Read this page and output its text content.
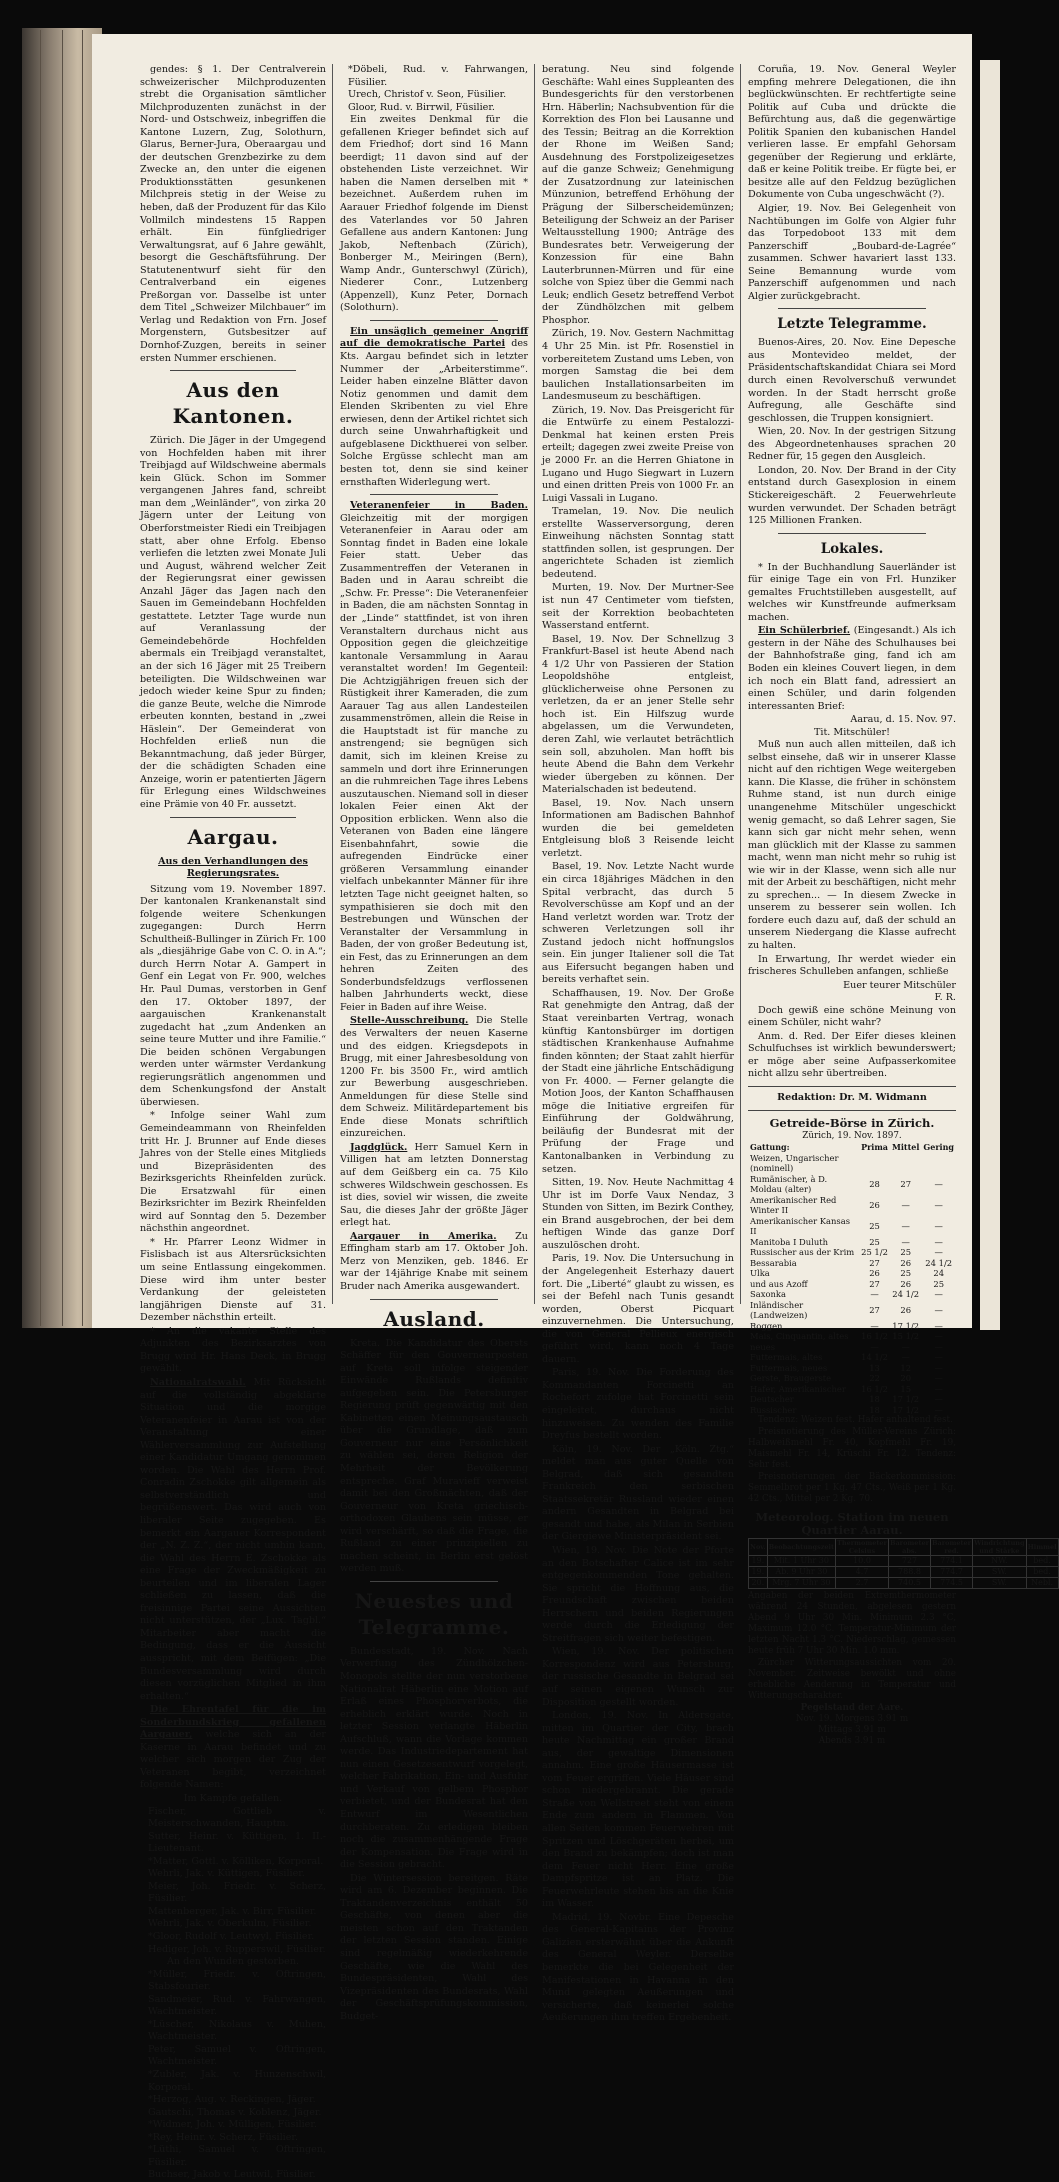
gendes: § 1. Der Centralverein schweizerischer Milchproduzenten strebt die Organisation sämtlicher Milchproduzenten zunächst in der Nord- und Ostschweiz, inbegriffen die Kantone Luzern, Zug, Solothurn, Glarus, Berner-Jura, Oberaargau und der deutschen Grenzbezirke zu dem Zwecke an, den unter die eigenen Produktionsstätten gesunkenen Milchpreis stetig in der Weise zu heben, daß der Produzent für das Kilo Vollmilch mindestens 15 Rappen erhält. Ein fünfgliedriger Verwaltungsrat, auf 6 Jahre gewählt, besorgt die Geschäftsführung. Der Statutenentwurf sieht für den Centralverband ein eigenes Preßorgan vor. Dasselbe ist unter dem Titel „Schweizer Milchbauer“ im Verlag und Redaktion von Frn. Josef Morgenstern, Gutsbesitzer auf Dornhof-Zuzgen, bereits in seiner ersten Nummer erschienen.

Aus den Kantonen.

Zürich. Die Jäger in der Umgegend von Hochfelden haben mit ihrer Treibjagd auf Wildschweine abermals kein Glück. Schon im Sommer vergangenen Jahres fand, schreibt man dem „Weinländer“, von zirka 20 Jägern unter der Leitung von Oberforstmeister Riedi ein Treibjagen statt, aber ohne Erfolg. Ebenso verliefen die letzten zwei Monate Juli und August, während welcher Zeit der Regierungsrat einer gewissen Anzahl Jäger das Jagen nach den Sauen im Gemeindebann Hochfelden gestattete. Letzter Tage wurde nun auf Veranlassung der Gemeindebehörde Hochfelden abermals ein Treibjagd veranstaltet, an der sich 16 Jäger mit 25 Treibern beteiligten. Die Wildschweinen war jedoch wieder keine Spur zu finden; die ganze Beute, welche die Nimrode erbeuten konnten, bestand in „zwei Häslein“. Der Gemeinderat von Hochfelden erließ nun die Bekanntmachung, daß jeder Bürger, der die schädigten Schaden eine Anzeige, worin er patentierten Jägern für Erlegung eines Wildschweines eine Prämie von 40 Fr. aussetzt.

Aargau.
Aus den Verhandlungen des Regierungsrates.

Sitzung vom 19. November 1897. Der kantonalen Krankenanstalt sind folgende weitere Schenkungen zugegangen: Durch Herrn Schultheiß-Bullinger in Zürich Fr. 100 als „diesjährige Gabe von C. O. in A.“; durch Herrn Notar A. Gampert in Genf ein Legat von Fr. 900, welches Hr. Paul Dumas, verstorben in Genf den 17. Oktober 1897, der aargauischen Krankenanstalt zugedacht hat „zum Andenken an seine teure Mutter und ihre Familie.“ Die beiden schönen Vergabungen werden unter wärmster Verdankung regierungsrätlich angenommen und dem Schenkungsfond der Anstalt überwiesen.

* Infolge seiner Wahl zum Gemeindeammann von Rheinfelden tritt Hr. J. Brunner auf Ende dieses Jahres von der Stelle eines Mitglieds und Bizepräsidenten des Bezirksgerichts Rheinfelden zurück. Die Ersatzwahl für einen Bezirksrichter im Bezirk Rheinfelden wird auf Sonntag den 5. Dezember nächsthin angeordnet.

* Hr. Pfarrer Leonz Widmer in Fislisbach ist aus Altersrücksichten um seine Entlassung eingekommen. Diese wird ihm unter bester Verdankung der geleisteten langjährigen Dienste auf 31. Dezember nächsthin erteilt.

* An die vakante Stelle des Adjunkten des Bezirksarztes von Brugg wird Hr. Hans Deck, in Brugg gewählt.

Nationalratswahl. Mit Rücksicht auf die vollständig abgeklärte Situation und die morgige Veteranenfeier in Aarau ist von der Veranstaltung einer Wählerversammlung zur Aufstellung einer Kandidatur Umgang genommen worden. Die Wahl des Herrn Prof. Conradin Zschokke gilt allgemein als selbstverständlich und begrüßenswert. Das wird auch von liberaler Seite zugegeben. Es bemerkt ein Aargauer Korrespondent der „N. Z. Z.“, der nicht umhin kann, die Wahl des Herrn E. Zschokke als eine Frage der Zweckmäßigkeit zu beurteilen und im liberalen Lager schließen zu lassen, daß die freisinnige Partei seine Aussichten nicht unterstützen, der „Lux. Tagbl.“ Mitarbeiter aber macht die Bedingung, dass er die Aussicht ausspricht, mit dem Beifügen: „Die Bundesversammlung wird durch diesen vorzüglichen Mitglied in ihm erhalten.“

Die Ehrentafel für die im Sonderbundskrieg gefallenen Aargauer, welche sich an der Kaserne in Aarau befindet und zu welcher sich morgen der Zug der Veteranen begibt, verzeichnet folgende Namen:

Im Kampfe gefallen.
Fischer, Gottlieb v. Meisterschwanden, Hauptm.
Sutter, Heinr. v. Küttigen, 1. II.-Lieutenant.
*Matter, Gottl. v. Kölliken, Korporal.
Wehrli, Jak. v. Küttigen, Füsilier.
Meier, Joh. Friedr. v. Scherz, Füsilier.
Mattenberger, Jak. v. Birr, Füsilier.
Wehrli, Jak. v. Oberkulm, Füsilier.
*Gloor, Rudolf v. Leutwyl, Füsilier.
Hediger, Joh. v. Rupperswil, Füsilier.
An den Wunden gestorben.
*Müller, Friedr. v. Oftringen, Stabsfourier.
Sandmeier, Rud. v. Fahrwangen, Wachtmeister.
*Lüscher, Nikolaus v. Muhen, Wachtmeister.
Peter, Samuel v. Oftringen, Wachtmeister.
*Zubler, Jak. v. Hunzenschwil, Korporal.
*Herzog, Aug. v. Reckingen, Jäger.
Gautschi, Thomas v. Koblenz, Jäger.
*Widmer, Joh. v. Mülligen, Füsilier.
*Rey, Heinr. v. Scherz, Füsilier.
*Lüthi, Samuel v. Oftringen, Füsilier.
Buchser, Jakob v. Leutwil, Füsilier.
*Döbeli, Rud. v. Fahrwangen, Füsilier.
Urech, Christof v. Seon, Füsilier.
Gloor, Rud. v. Birrwil, Füsilier.

Ein zweites Denkmal für die gefallenen Krieger befindet sich auf dem Friedhof; dort sind 16 Mann beerdigt; 11 davon sind auf der obstehenden Liste verzeichnet. Wir haben die Namen derselben mit * bezeichnet. Außerdem ruhen im Aarauer Friedhof folgende im Dienst des Vaterlandes vor 50 Jahren Gefallene aus andern Kantonen: Jung Jakob, Neftenbach (Zürich), Bonberger M., Meiringen (Bern), Wamp Andr., Gunterschwyl (Zürich), Niederer Conr., Lutzenberg (Appenzell), Kunz Peter, Dornach (Solothurn).

Ein unsäglich gemeiner Angriff auf die demokratische Partei des Kts. Aargau befindet sich in letzter Nummer der „Arbeiterstimme“. Leider haben einzelne Blätter davon Notiz genommen und damit dem Elenden Skribenten zu viel Ehre erwiesen, denn der Artikel richtet sich durch seine Unwahrhaftigkeit und aufgeblasene Dickthuerei von selber. Solche Ergüsse schlecht man am besten tot, denn sie sind keiner ernsthaften Widerlegung wert.

Veteranenfeier in Baden. Gleichzeitig mit der morgigen Veteranenfeier in Aarau oder am Sonntag findet in Baden eine lokale Feier statt. Ueber das Zusammentreffen der Veteranen in Baden und in Aarau schreibt die „Schw. Fr. Presse“: Die Veteranenfeier in Baden, die am nächsten Sonntag in der „Linde“ stattfindet, ist von ihren Veranstaltern durchaus nicht aus Opposition gegen die gleichzeitige kantonale Versammlung in Aarau veranstaltet worden! Im Gegenteil: Die Achtzigjährigen freuen sich der Rüstigkeit ihrer Kameraden, die zum Aarauer Tag aus allen Landesteilen zusammenströmen, allein die Reise in die Hauptstadt ist für manche zu anstrengend; sie begnügen sich damit, sich im kleinen Kreise zu sammeln und dort ihre Erinnerungen an die ruhmreichen Tage ihres Lebens auszutauschen. Niemand soll in dieser lokalen Feier einen Akt der Opposition erblicken. Wenn also die Veteranen von Baden eine längere Eisenbahnfahrt, sowie die aufregenden Eindrücke einer größeren Versammlung einander vielfach unbekannter Männer für ihre letzten Tage nicht geeignet halten, so sympathisieren sie doch mit den Bestrebungen und Wünschen der Veranstalter der Versammlung in Baden, der von großer Bedeutung ist, ein Fest, das zu Erinnerungen an dem hehren Zeiten des Sonderbundsfeldzugs verflossenen halben Jahrhunderts weckt, diese Feier in Baden auf ihre Weise.

Stelle-Ausschreibung. Die Stelle des Verwalters der neuen Kaserne und des eidgen. Kriegsdepots in Brugg, mit einer Jahresbesoldung von 1200 Fr. bis 3500 Fr., wird amtlich zur Bewerbung ausgeschrieben. Anmeldungen für diese Stelle sind dem Schweiz. Militärdepartement bis Ende diese Monats schriftlich einzureichen.

Jagdglück. Herr Samuel Kern in Villigen hat am letzten Donnerstag auf dem Geißberg ein ca. 75 Kilo schweres Wildschwein geschossen. Es ist dies, soviel wir wissen, die zweite Sau, die dieses Jahr der größte Jäger erlegt hat.

Aargauer in Amerika. Zu Effingham starb am 17. Oktober Joh. Merz von Menziken, geb. 1846. Er war der 14jährige Knabe mit seinem Bruder nach Amerika ausgewandert.

Ausland.

Kreta. Die Kandidatur des Obersts Schäffer für den Gouverneurposten auf Kreta soll infolge steigender Einwände Rußlands definitiv aufgegeben sein. Die Petersburger Regierung prüft gegenwärtig mit den Kabinetten einen Meinungsaustausch über die Grundlage, daß zum Gouverneur nur eine Persönlichkeit zu wählen sei, deren Religion der Mehrheit der Bevölkerung entspreche. Graf Muravieff verweist damit bei den Großmächten, daß der Gouverneur von Kreta griechisch-orthodoxen Glaubens sein müsse, er wird verschärft, so daß die Frage, die Rußland zu einer prinzipiellen zu machen scheint, in Berlin erst gelöst werden muß.

Neuestes und Telegramme.

Bundesstadt, 19. Nov. Nach Verwerfung des Zündhölzchen-Monopols stellte der nun verstorbene Nationalrat Häberlin eine Motion auf Erlaß eines Phosphorverbots, die erheblich erklärt wurde. Noch in letzter Session verlangte Häberlin Aufschluß, wann die Vorlage kommen werde. Das Industriedepartement hat nun einen Gesetzesentwurf vorgelegt, welcher Fabrikation, Ein- und Ausfuhr und Verkauf von gelbem Phosphor verbietet, und der Bundesrat hat den Entwurf im Wesentlichen durchberaten. Zu erledigen bleiben noch die zusammenhängende Frage der Kompensation. Die Frage wird in die Session gebracht.

Die Wintersession bereitgen. Räte wird am 6. Dezember beginnen. Die Traktandenverzeichnis enthält 50 Geschäfte, von denen aber die meisten schon auf den Traktanden der letzten Session standen. Einige sind regelmäßig wiederkehrende Geschäfte, wie die Wahl des Bundespräsidenten, Wahl des Vizepräsidenten des Bundesrats, Wahl der Geschäftsprüfungskommission, Budget-

beratung. Neu sind folgende Geschäfte: Wahl eines Suppleanten des Bundesgerichts für den verstorbenen Hrn. Häberlin; Nachsubvention für die Korrektion des Flon bei Lausanne und des Tessin; Beitrag an die Korrektion der Rhone im Weißen Sand; Ausdehnung des Forstpolizeigesetzes auf die ganze Schweiz; Genehmigung der Zusatzordnung zur lateinischen Münzunion, betreffend Erhöhung der Prägung der Silberscheidemünzen; Beteiligung der Schweiz an der Pariser Weltausstellung 1900; Anträge des Bundesrates betr. Verweigerung der Konzession für eine Bahn Lauterbrunnen-Mürren und für eine solche von Spiez über die Gemmi nach Leuk; endlich Gesetz betreffend Verbot der Zündhölzchen mit gelbem Phosphor.

Zürich, 19. Nov. Gestern Nachmittag 4 Uhr 25 Min. ist Pfr. Rosenstiel in vorbereitetem Zustand ums Leben, von morgen Samstag die bei dem baulichen Installationsarbeiten im Landesmuseum zu beschäftigen.

Zürich, 19. Nov. Das Preisgericht für die Entwürfe zu einem Pestalozzi-Denkmal hat keinen ersten Preis erteilt; dagegen zwei zweite Preise von je 2000 Fr. an die Herren Ghiatone in Lugano und Hugo Siegwart in Luzern und einen dritten Preis von 1000 Fr. an Luigi Vassali in Lugano.

Tramelan, 19. Nov. Die neulich erstellte Wasserversorgung, deren Einweihung nächsten Sonntag statt stattfinden sollen, ist gesprungen. Der angerichtete Schaden ist ziemlich bedeutend.

Murten, 19. Nov. Der Murtner-See ist nun 47 Centimeter vom tiefsten, seit der Korrektion beobachteten Wasserstand entfernt.

Basel, 19. Nov. Der Schnellzug 3 Frankfurt-Basel ist heute Abend nach 4 1/2 Uhr von Passieren der Station Leopoldshöhe entgleist, glücklicherweise ohne Personen zu verletzen, da er an jener Stelle sehr hoch ist. Ein Hilfszug wurde abgelassen, um die Verwundeten, deren Zahl, wie verlautet beträchtlich sein soll, abzuholen. Man hofft bis heute Abend die Bahn dem Verkehr wieder übergeben zu können. Der Materialschaden ist bedeutend.

Basel, 19. Nov. Nach unsern Informationen am Badischen Bahnhof wurden die bei gemeldeten Entgleisung bloß 3 Reisende leicht verletzt.

Basel, 19. Nov. Letzte Nacht wurde ein circa 18jähriges Mädchen in den Spital verbracht, das durch 5 Revolverschüsse am Kopf und an der Hand verletzt worden war. Trotz der schweren Verletzungen soll ihr Zustand jedoch nicht hoffnungslos sein. Ein junger Italiener soll die Tat aus Eifersucht begangen haben und bereits verhaftet sein.

Schaffhausen, 19. Nov. Der Große Rat genehmigte den Antrag, daß der Staat vereinbarten Vertrag, wonach künftig Kantonsbürger im dortigen städtischen Krankenhause Aufnahme finden könnten; der Staat zahlt hierfür der Stadt eine jährliche Entschädigung von Fr. 4000. — Ferner gelangte die Motion Joos, der Kanton Schaffhausen möge die Initiative ergreifen für Einführung der Goldwährung, beiläufig der Bundesrat mit der Prüfung der Frage und Kantonalbanken in Verbindung zu setzen.

Sitten, 19. Nov. Heute Nachmittag 4 Uhr ist im Dorfe Vaux Nendaz, 3 Stunden von Sitten, im Bezirk Conthey, ein Brand ausgebrochen, der bei dem heftigen Winde das ganze Dorf auszulöschen droht.

Paris, 19. Nov. Die Untersuchung in der Angelegenheit Esterhazy dauert fort. Die „Liberté“ glaubt zu wissen, es sei der Befehl nach Tunis gesandt worden, Oberst Picquart einzuvernehmen. Die Untersuchung, die von General Pellieux energisch geführt wird, kann noch 4 Tage dauern.

Paris, 19. Nov. Die Forderung des Kommandanten Forcinetti an Rochefort zufolge hat Forcinetti sein eingeleitet, durchaus nicht hinzuweisen. Zu wenden des Familie Dreyfus bestellt worden.

Köln, 19. Nov. Der „Köln. Ztg.“ meldet man aus guter Quelle von Belgrad, daß sich gesandten Frankreich den serbischen Staatssekretär Russland wieder einen andern Gesandten in Belgrad bei gesandt und habe, als Milan in Serbien der Giergiewe Ministerpräsident sei.

Wien, 19. Nov. Die Note der Pforte an den Botschafter Calice ist im sehr entgegenkommenden Tone gehalten. Sie spricht die Hoffnung aus, die Freundschaft zwischen beiden Herrschern und beiden Regierungen werde durch die Erledigung der Streitfragen sich weiter befestigen.

Wien, 19. Nov. Der politischen Korrespondenz wird aus Petersburg, der russische Gesandte in Belgrad sei auf seinen eigenen Wunsch zur Disposition gestellt worden.

London, 19. Nov. In Aldersgate, mitten im Quartier der City, brach heute Nachmittag ein großer Brand aus, der gewaltige Dimensionen annahm. Eine große Häusermasse ist vom Feuer ergriffen. Viele Häuser sind schon niedergebrannt. Die gerade Straße von Wellstreet steht von einem Ende zum andern in Flammen. Von allen Seiten kommen Feuerwehren mit Spritzen und Löschgeräten herbei, um den Brand zu bekämpfen; doch ist man dem Feuer nicht Herr. Eine große Dampfspritze ist an Platz. Die Feuerwehrleute stehen bis an die Knie im Wasser.

Madrid, 19. Novbr. Eine Depesche des General-Kapitains der Provinz Galizien ersterwähnt über die Ankunft des General Weyler. Derselbe bemerkte die bei Gelegenheit der Manifestationen in Havanna in den Mund gelegten Aeußerungen und versicherte, daß keinerlei solche Aeußerungen ihm treffen Ergebenheit.

Coruña, 19. Nov. General Weyler empfing mehrere Delegationen, die ihn beglückwünschten. Er rechtfertigte seine Politik auf Cuba und drückte die Befürchtung aus, daß die gegenwärtige Politik Spanien den kubanischen Handel verlieren lasse. Er empfahl Gehorsam gegenüber der Regierung und erklärte, daß er keine Politik treibe. Er fügte bei, er besitze alle auf den Feldzug bezüglichen Dokumente von Cuba ungeschwächt (?).

Algier, 19. Nov. Bei Gelegenheit von Nachtübungen im Golfe von Algier fuhr das Torpedoboot 133 mit dem Panzerschiff „Boubard-de-Lagrée“ zusammen. Schwer havariert lasst 133. Seine Bemannung wurde vom Panzerschiff aufgenommen und nach Algier zurückgebracht.

Letzte Telegramme.

Buenos-Aires, 20. Nov. Eine Depesche aus Montevideo meldet, der Präsidentschaftskandidat Chiara sei Mord durch einen Revolverschuß verwundet worden. In der Stadt herrscht große Aufregung, alle Geschäfte sind geschlossen, die Truppen konsigniert.

Wien, 20. Nov. In der gestrigen Sitzung des Abgeordnetenhauses sprachen 20 Redner für, 15 gegen den Ausgleich.

London, 20. Nov. Der Brand in der City entstand durch Gasexplosion in einem Stickereigeschäft. 2 Feuerwehrleute wurden verwundet. Der Schaden beträgt 125 Millionen Franken.

Lokales.

* In der Buchhandlung Sauerländer ist für einige Tage ein von Frl. Hunziker gemaltes Fruchtstilleben ausgestellt, auf welches wir Kunstfreunde aufmerksam machen.

Ein Schülerbrief. (Eingesandt.) Als ich gestern in der Nähe des Schulhauses bei der Bahnhofstraße ging, fand ich am Boden ein kleines Couvert liegen, in dem ich noch ein Blatt fand, adressiert an einen Schüler, und darin folgenden interessanten Brief:

Aarau, d. 15. Nov. 97.
Tit. Mitschüler!

Muß nun auch allen mitteilen, daß ich selbst einsehe, daß wir in unserer Klasse nicht auf den richtigen Wege weitergeben kann. Die Klasse, die früher in schönstem Ruhme stand, ist nun durch einige unangenehme Mitschüler ungeschickt wenig gemacht, so daß Lehrer sagen, Sie kann sich gar nicht mehr sehen, wenn man glücklich mit der Klasse zu sammen macht, wenn man nicht mehr so ruhig ist wie wir in der Klasse, wenn sich alle nur mit der Arbeit zu beschäftigen, nicht mehr zu sprechen... — In diesem Zwecke in unserem zu besserer sein wollen. Ich fordere euch dazu auf, daß der schuld an unserem Niedergang die Klasse aufrecht zu halten.

In Erwartung, Ihr werdet wieder ein frischeres Schulleben anfangen, schließe

Euer teurer Mitschüler
F. R.

Doch gewiß eine schöne Meinung von einem Schüler, nicht wahr?

Anm. d. Red. Der Eifer dieses kleinen Schulfuchses ist wirklich bewunderswert; er möge aber seine Aufpasserkomitee nicht allzu sehr übertreiben.

Redaktion: Dr. M. Widmann
Getreide-Börse in Zürich.
Zürich, 19. Nov. 1897.
Gattung:	Prima	Mittel	Gering
Weizen, Ungarischer (nominell)			
Rumänischer, à D. Moldau (alter)	28	27	—
Amerikanischer Red Winter II	26	—	—
Amerikanischer Kansas II	25	—	—
Manitoba I Duluth	25	—	—
Russischer aus der Krim	25 1/2	25	—
Bessarabia	27	26	24 1/2
Ulka	26	25	24
und aus Azoff	27	26	25
Saxonka	—	24 1/2	—
Inländischer (Landweizen)	27	26	—
Roggen	—	17 1/2	—
Mais, Cinquantin, altes	16 1/2	15 1/2	—
neues	—	—	—
Futtermais, altes	14 1/2	—	—
Futtermais, neues	13	12	—
Gerste, Braugerste	22	20	—
Hafer, Amerikanischer	16 1/2	15	—
Deutscher	18	17 1/2	—
Russischer	18	17 1/2	—

Tendenz: Weizen fest. Hafer anhaltend fest.

Preisnotierung des Müller-Vereins Zürich: Halbweißmehl Fr. 40, Kopfmehl Fr. 19, Maismehl Fr. 14, Krüschi Fr. 12. Tendenz: Sehr fest.

Preisnotierungen der Bäckerkommission: Semmelbrot per 1 Kg. 47 Cts., Weiß per 1 Kg. 42 Cts., Mittel per 2 Kg. 70.

Meteorolog. Station im neuen Quartier Aarau.
Nov.	Beobachtungszeit	Thermometer Celsius	Barometer abs.	Barometer red.	Windrichtung und Stärke	Himmel
19.	Mit. 1 Uhr 30	10.0	727	774.1	NW.	bed.
19.	Ab. 9 Uhr 30	4.7	788.8	774.7	SW.	bed.
20.	Mrg. 7 Uhr 30	2.7	740.5	774.5	SW.	Nebl.

Angaben der beiden Extremthermometer während 24 Stunden, abgelesen gestern Abend 9 Uhr 30 Min. Minimum 2.3 °C, Maximum 12.0 °C. Temperatur-Minimum der letzten Nacht 1.3 °C. Niederschlag, gemessen heute früh 7 Uhr 30 Min. 1.0 mm.

Zürcher Witterungsaussichten vom 20. November. Zeitweise bewölkt und ohne erhebliche Aenderung in Temperatur und Witterungscharakter.

Pegelstand der Aare.
Nov. 19. Morgens 3.91 m
Mittags 3.91 m
Abends 3.91 m
